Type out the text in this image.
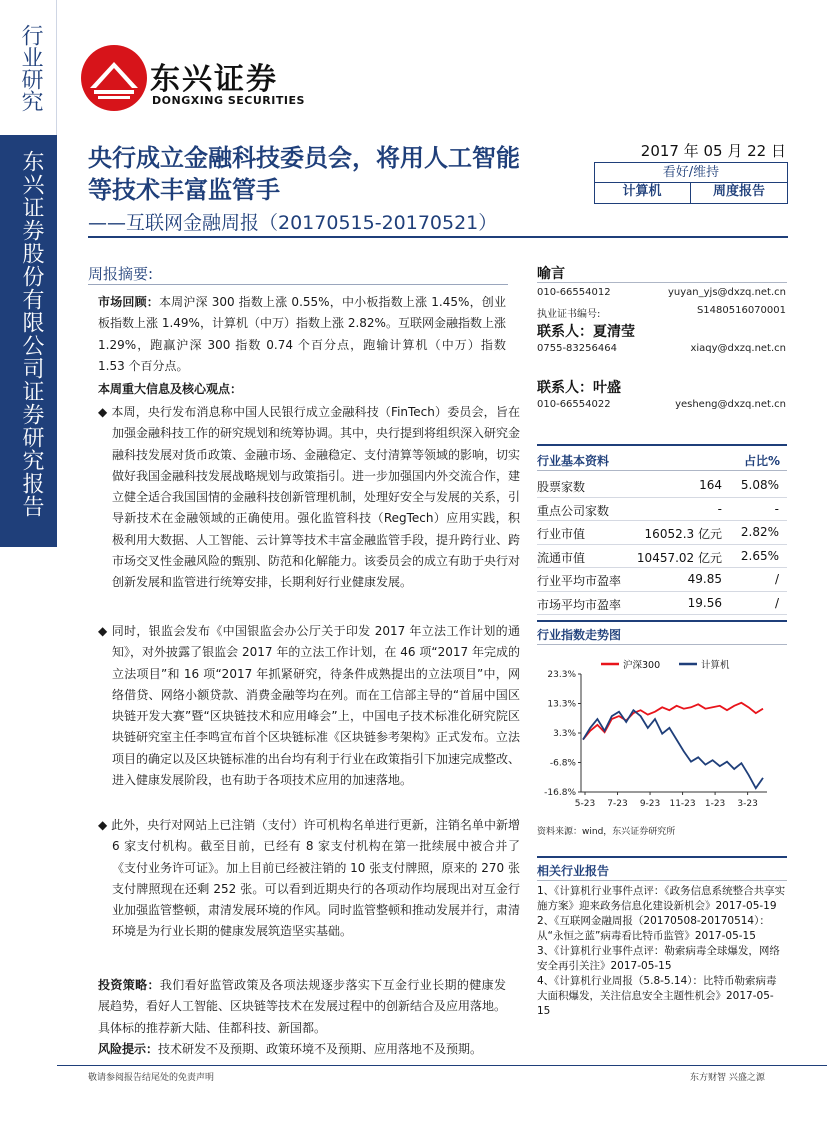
行业研究
东兴证券股份有限公司证券研究报告
东兴证券
DONGXING SECURITIES
央行成立金融科技委员会，将用人工智能等技术丰富监管手
——互联网金融周报（20170515-20170521）
2017 年 05 月 22 日
看好/维持
计算机	周度报告
周报摘要:
市场回顾：本周沪深 300 指数上涨 0.55%，中小板指数上涨 1.45%，创业板指数上涨 1.49%，计算机（中万）指数上涨 2.82%。互联网金融指数上涨 1.29%，跑赢沪深 300 指数 0.74 个百分点，跑输计算机（中万）指数 1.53 个百分点。
本周重大信息及核心观点：
◆ 本周，央行发布消息称中国人民银行成立金融科技（FinTech）委员会，旨在加强金融科技工作的研究规划和统筹协调。其中，央行提到将组织深入研究金融科技发展对货币政策、金融市场、金融稳定、支付清算等领域的影响，切实做好我国金融科技发展战略规划与政策指引。进一步加强国内外交流合作，建立健全适合我国国情的金融科技创新管理机制，处理好安全与发展的关系，引导新技术在金融领域的正确使用。强化监管科技（RegTech）应用实践，积极利用大数据、人工智能、云计算等技术丰富金融监管手段，提升跨行业、跨市场交叉性金融风险的甄别、防范和化解能力。该委员会的成立有助于央行对创新发展和监管进行统筹安排，长期利好行业健康发展。
◆ 同时，银监会发布《中国银监会办公厅关于印发 2017 年立法工作计划的通知》，对外披露了银监会 2017 年的立法工作计划，在 46 项“2017 年完成的立法项目”和 16 项“2017 年抓紧研究，待条件成熟提出的立法项目”中，网络借贷、网络小额贷款、消费金融等均在列。而在工信部主导的“首届中国区块链开发大赛”暨“区块链技术和应用峰会”上，中国电子技术标准化研究院区块链研究室主任李鸣宣布首个区块链标准《区块链参考架构》正式发布。立法项目的确定以及区块链标准的出台均有利于行业在政策指引下加速完成整改、进入健康发展阶段，也有助于各项技术应用的加速落地。
◆ 此外，央行对网站上已注销（支付）许可机构名单进行更新，注销名单中新增 6 家支付机构。截至目前，已经有 8 家支付机构在第一批续展中被合并了《支付业务许可证》。加上目前已经被注销的 10 张支付牌照，原来的 270 张支付牌照现在还剩 252 张。可以看到近期央行的各项动作均展现出对互金行业加强监管整顿，肃清发展环境的作风。同时监管整顿和推动发展并行，肃清环境是为行业长期的健康发展筑造坚实基础。
投资策略：我们看好监管政策及各项法规逐步落实下互金行业长期的健康发展趋势，看好人工智能、区块链等技术在发展过程中的创新结合及应用落地。具体标的推荐新大陆、佳都科技、新国都。
风险提示：技术研发不及预期、政策环境不及预期、应用落地不及预期。
喻言
010-66554012	yuyan_yjs@dxzq.net.cn
执业证书编号:	S1480516070001
联系人：夏清莹
0755-83256464	xiaqy@dxzq.net.cn
联系人：叶盛
010-66554022	yesheng@dxzq.net.cn
行业基本资料	占比%
股票家数	164	5.08%
重点公司家数	-	-
行业市值	16052.3 亿元	2.82%
流通市值	10457.02 亿元	2.65%
行业平均市盈率	49.85	/
市场平均市盈率	19.56	/
行业指数走势图
23.3%
13.3%
3.3%
-6.8%
-16.8%
5-23 7-23 9-23 11-23 1-23 3-23
沪深300	计算机
资料来源：wind，东兴证券研究所
相关行业报告
1、《计算机行业事件点评：《政务信息系统整合共享实施方案》迎来政务信息化建设新机会》2017-05-19
2、《互联网金融周报（20170508-20170514）：从“永恒之蓝”病毒看比特币监管》2017-05-15
3、《计算机行业事件点评：勒索病毒全球爆发，网络安全再引关注》2017-05-15
4、《计算机行业周报（5.8-5.14）：比特币勒索病毒大面积爆发，关注信息安全主题性机会》2017-05-15
敬请参阅报告结尾处的免责声明	东方财智 兴盛之源
